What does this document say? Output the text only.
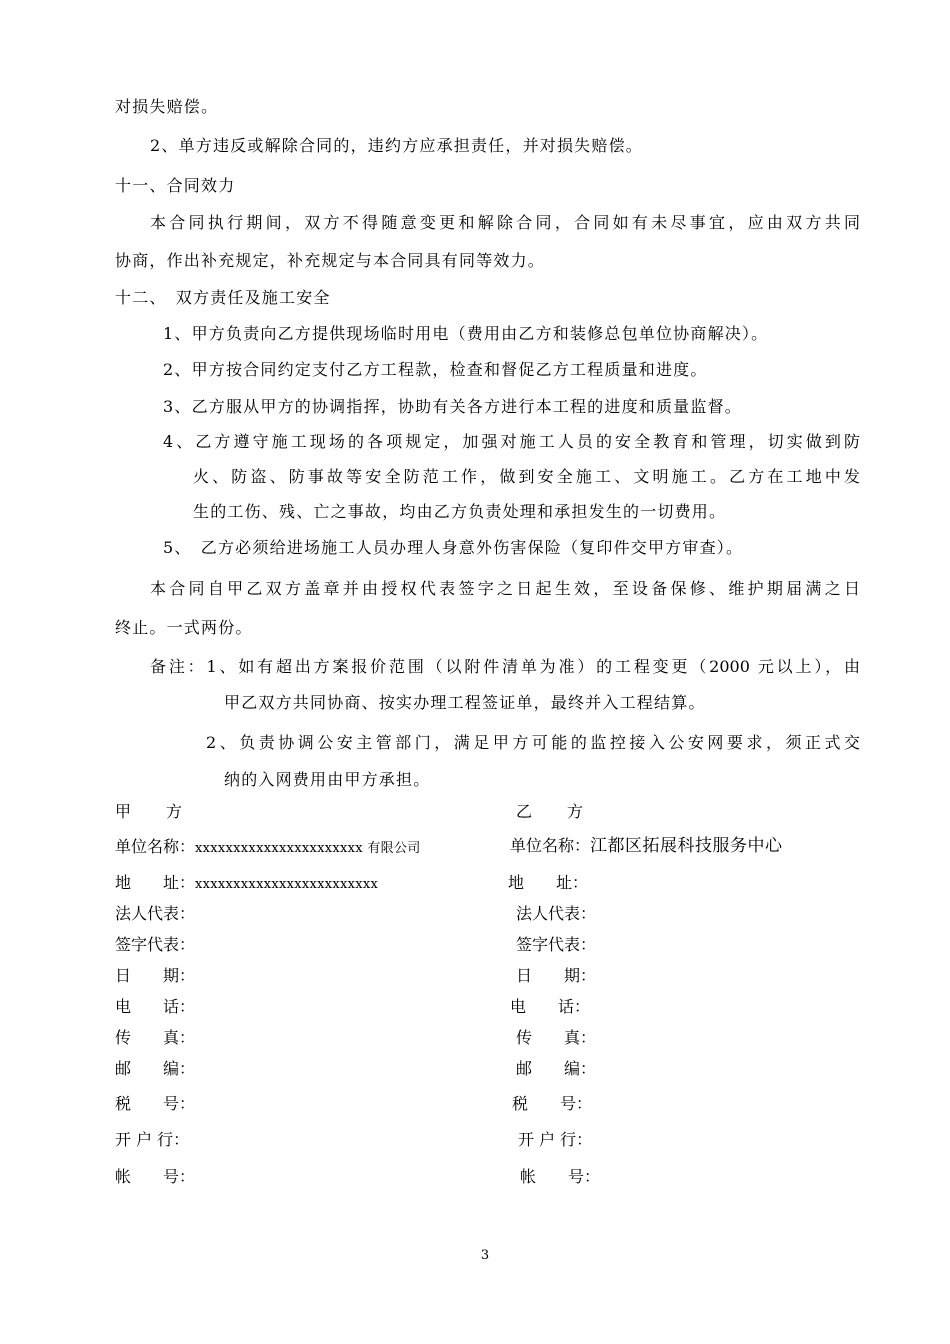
对损失赔偿。
2、单方违反或解除合同的，违约方应承担责任，并对损失赔偿。
十一、合同效力
本合同执行期间，双方不得随意变更和解除合同，合同如有未尽事宜，应由双方共同
协商，作出补充规定，补充规定与本合同具有同等效力。
十二、　双方责任及施工安全
1、甲方负责向乙方提供现场临时用电（费用由乙方和装修总包单位协商解决）。
2、甲方按合同约定支付乙方工程款，检查和督促乙方工程质量和进度。
3、乙方服从甲方的协调指挥，协助有关各方进行本工程的进度和质量监督。
4、乙方遵守施工现场的各项规定，加强对施工人员的安全教育和管理，切实做到防
火、防盗、防事故等安全防范工作，做到安全施工、文明施工。乙方在工地中发
生的工伤、残、亡之事故，均由乙方负责处理和承担发生的一切费用。
5、　乙方必须给进场施工人员办理人身意外伤害保险（复印件交甲方审查）。
本合同自甲乙双方盖章并由授权代表签字之日起生效，至设备保修、维护期届满之日
终止。一式两份。
备注：1、如有超出方案报价范围（以附件清单为准）的工程变更（2000 元以上），由
甲乙双方共同协商、按实办理工程签证单，最终并入工程结算。
2、负责协调公安主管部门，满足甲方可能的监控接入公安网要求，须正式交
纳的入网费用由甲方承担。
甲　　方
单位名称：xxxxxxxxxxxxxxxxxxxxxx 有限公司
地　　址：xxxxxxxxxxxxxxxxxxxxxxxx
法人代表：
签字代表：
日　　期：
电　　话：
传　　真：
邮　　编：
税　　号：
开 户 行：
帐　　号：
乙　　方
单位名称：江都区拓展科技服务中心
地　　址：
法人代表：
签字代表：
日　　期：
电　　话：
传　　真：
邮　　编：
税　　号：
开 户 行：
帐　　号：
3
